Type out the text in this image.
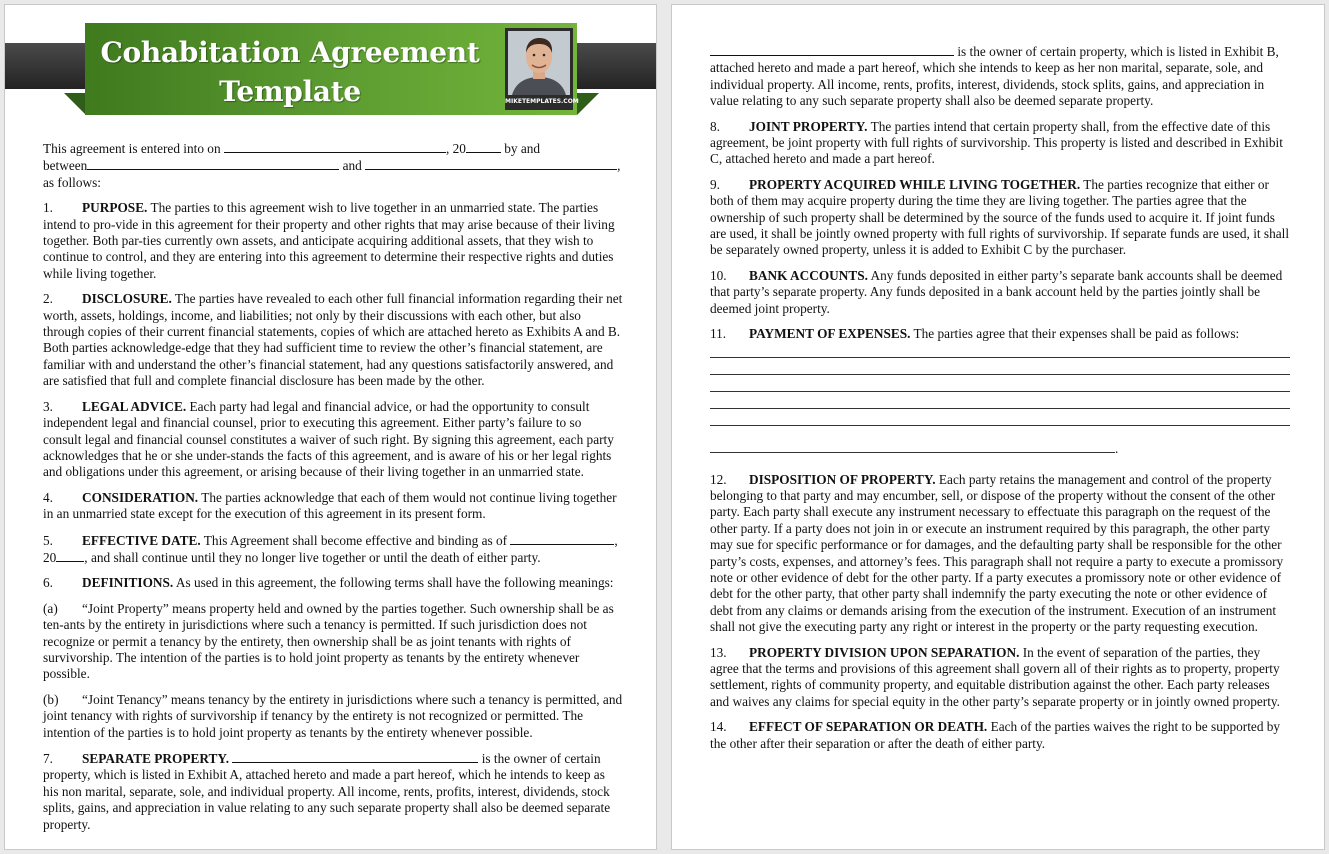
Cohabitation Agreement
Template	MIKETEMPLATES.COM

This agreement is entered into on	, 20	by and
between	and	,
as follows:

1. PURPOSE. The parties to this agreement wish to live together in an unmarried state. The parties intend to pro-vide in this agreement for their property and other rights that may arise because of their living together. Both par-ties currently own assets, and anticipate acquiring additional assets, that they wish to continue to control, and they are entering into this agreement to determine their respective rights and duties while living together.

2. DISCLOSURE. The parties have revealed to each other full financial information regarding their net worth, assets, holdings, income, and liabilities; not only by their discussions with each other, but also through copies of their current financial statements, copies of which are attached hereto as Exhibits A and B. Both parties acknowledge-edge that they had sufficient time to review the other’s financial statement, are familiar with and understand the other’s financial statement, had any questions satisfactorily answered, and are satisfied that full and complete financial disclosure has been made by the other.

3. LEGAL ADVICE. Each party had legal and financial advice, or had the opportunity to consult independent legal and financial counsel, prior to executing this agreement. Either party’s failure to so consult legal and financial counsel constitutes a waiver of such right. By signing this agreement, each party acknowledges that he or she under-stands the facts of this agreement, and is aware of his or her legal rights and obligations under this agreement, or arising because of their living together in an unmarried state.

4. CONSIDERATION. The parties acknowledge that each of them would not continue living together in an unmarried state except for the execution of this agreement in its present form.

5. EFFECTIVE DATE. This Agreement shall become effective and binding as of	,
20 , and shall continue until they no longer live together or until the death of either party.

6. DEFINITIONS. As used in this agreement, the following terms shall have the following meanings:

(a) “Joint Property” means property held and owned by the parties together. Such ownership shall be as ten-ants by the entirety in jurisdictions where such a tenancy is permitted. If such jurisdiction does not recognize or permit a tenancy by the entirety, then ownership shall be as joint tenants with rights of survivorship. The intention of the parties is to hold joint property as tenants by the entirety whenever possible.

(b) “Joint Tenancy” means tenancy by the entirety in jurisdictions where such a tenancy is permitted, and joint tenancy with rights of survivorship if tenancy by the entirety is not recognized or permitted. The intention of the parties is to hold joint property as tenants by the entirety whenever possible.

7. SEPARATE PROPERTY.	is the owner of certain property, which is listed in Exhibit A, attached hereto and made a part hereof, which he intends to keep as his non marital, separate, sole, and individual property. All income, rents, profits, interest, dividends, stock splits, gains, and appreciation in value relating to any such separate property shall also be deemed separate property.

is the owner of certain property, which is listed in Exhibit B, attached hereto and made a part hereof, which she intends to keep as her non marital, separate, sole, and individual property. All income, rents, profits, interest, dividends, stock splits, gains, and appreciation in value relating to any such separate property shall also be deemed separate property.

8. JOINT PROPERTY. The parties intend that certain property shall, from the effective date of this agreement, be joint property with full rights of survivorship. This property is listed and described in Exhibit C, attached hereto and made a part hereof.

9. PROPERTY ACQUIRED WHILE LIVING TOGETHER. The parties recognize that either or both of them may acquire property during the time they are living together. The parties agree that the ownership of such property shall be determined by the source of the funds used to acquire it. If joint funds are used, it shall be jointly owned property with full rights of survivorship. If separate funds are used, it shall be separately owned property, unless it is added to Exhibit C by the purchaser.

10. BANK ACCOUNTS. Any funds deposited in either party’s separate bank accounts shall be deemed that party’s separate property. Any funds deposited in a bank account held by the parties jointly shall be deemed joint property.

11. PAYMENT OF EXPENSES. The parties agree that their expenses shall be paid as follows:

.

12. DISPOSITION OF PROPERTY. Each party retains the management and control of the property belonging to that party and may encumber, sell, or dispose of the property without the consent of the other party. Each party shall execute any instrument necessary to effectuate this paragraph on the request of the other party. If a party does not join in or execute an instrument required by this paragraph, the other party may sue for specific performance or for damages, and the defaulting party shall be responsible for the other party’s costs, expenses, and attorney’s fees. This paragraph shall not require a party to execute a promissory note or other evidence of debt for the other party. If a party executes a promissory note or other evidence of debt for the other party, that other party shall indemnify the party executing the note or other evidence of debt from any claims or demands arising from the execution of the instrument. Execution of an instrument shall not give the executing party any right or interest in the property or the party requesting execution.

13. PROPERTY DIVISION UPON SEPARATION. In the event of separation of the parties, they agree that the terms and provisions of this agreement shall govern all of their rights as to property, property settlement, rights of community property, and equitable distribution against the other. Each party releases and waives any claims for special equity in the other party’s separate property or in jointly owned property.

14. EFFECT OF SEPARATION OR DEATH. Each of the parties waives the right to be supported by the other after their separation or after the death of either party.
